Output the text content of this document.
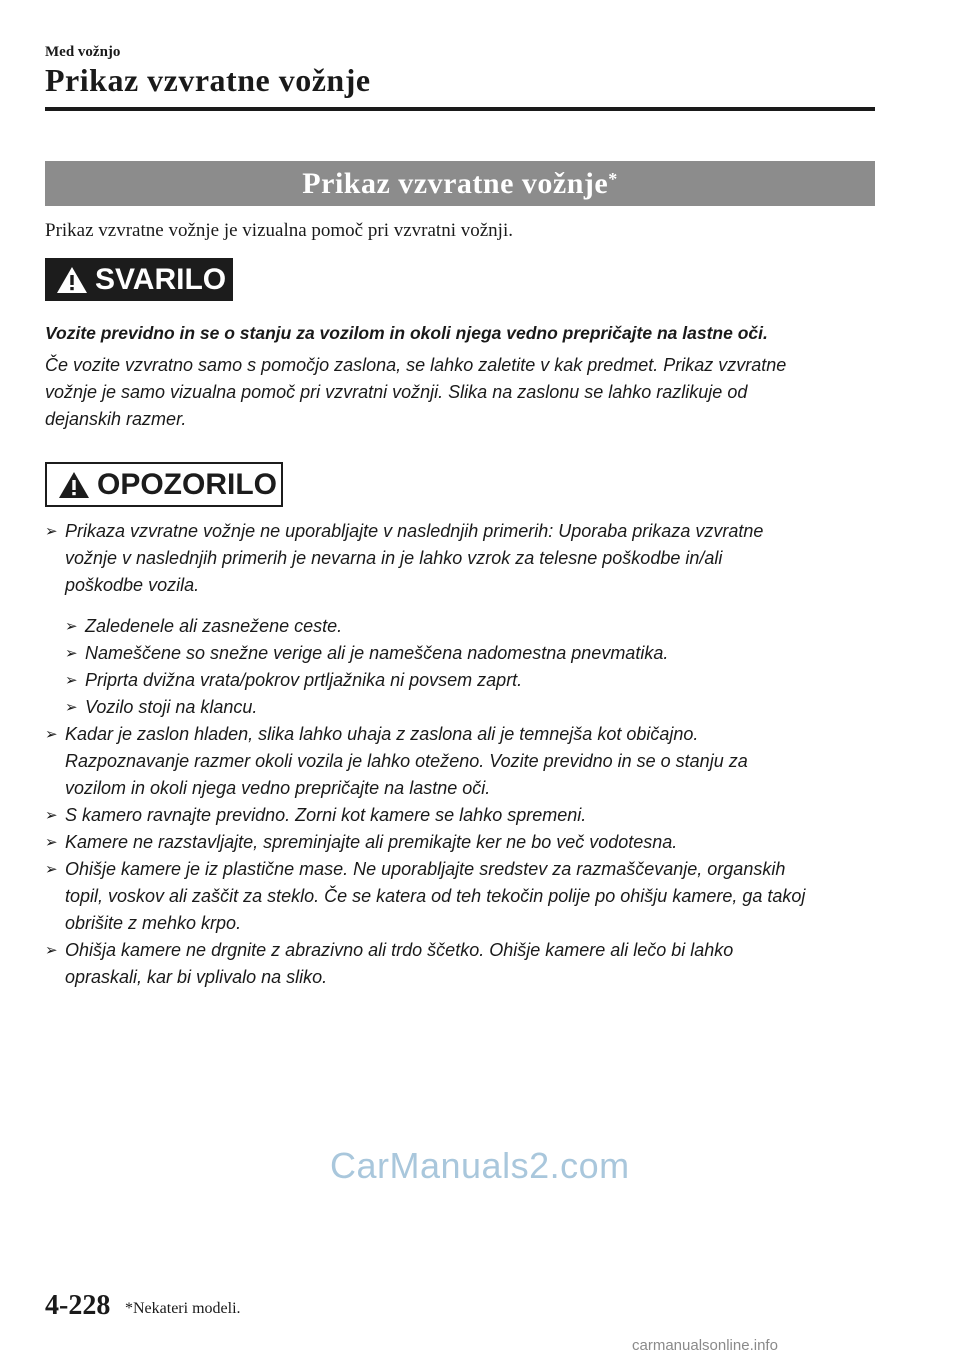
Med vožnjo
Prikaz vzvratne vožnje
Prikaz vzvratne vožnje*
Prikaz vzvratne vožnje je vizualna pomoč pri vzvratni vožnji.
SVARILO
Vozite previdno in se o stanju za vozilom in okoli njega vedno prepričajte na lastne oči.
Če vozite vzvratno samo s pomočjo zaslona, se lahko zaletite v kak predmet. Prikaz vzvratne
vožnje je samo vizualna pomoč pri vzvratni vožnji. Slika na zaslonu se lahko razlikuje od
dejanskih razmer.
OPOZORILO
➢ Prikaza vzvratne vožnje ne uporabljajte v naslednjih primerih: Uporaba prikaza vzvratne
vožnje v naslednjih primerih je nevarna in je lahko vzrok za telesne poškodbe in/ali
poškodbe vozila.
➢ Zaledenele ali zasnežene ceste.
➢ Nameščene so snežne verige ali je nameščena nadomestna pnevmatika.
➢ Priprta dvižna vrata/pokrov prtljažnika ni povsem zaprt.
➢ Vozilo stoji na klancu.
➢ Kadar je zaslon hladen, slika lahko uhaja z zaslona ali je temnejša kot običajno.
Razpoznavanje razmer okoli vozila je lahko oteženo. Vozite previdno in se o stanju za
vozilom in okoli njega vedno prepričajte na lastne oči.
➢ S kamero ravnajte previdno. Zorni kot kamere se lahko spremeni.
➢ Kamere ne razstavljajte, spreminjajte ali premikajte ker ne bo več vodotesna.
➢ Ohišje kamere je iz plastične mase. Ne uporabljajte sredstev za razmaščevanje, organskih
topil, voskov ali zaščit za steklo. Če se katera od teh tekočin polije po ohišju kamere, ga takoj
obrišite z mehko krpo.
➢ Ohišja kamere ne drgnite z abrazivno ali trdo ščetko. Ohišje kamere ali lečo bi lahko
opraskali, kar bi vplivalo na sliko.
CarManuals2.com
4-228 *Nekateri modeli.
carmanualsonline.info
